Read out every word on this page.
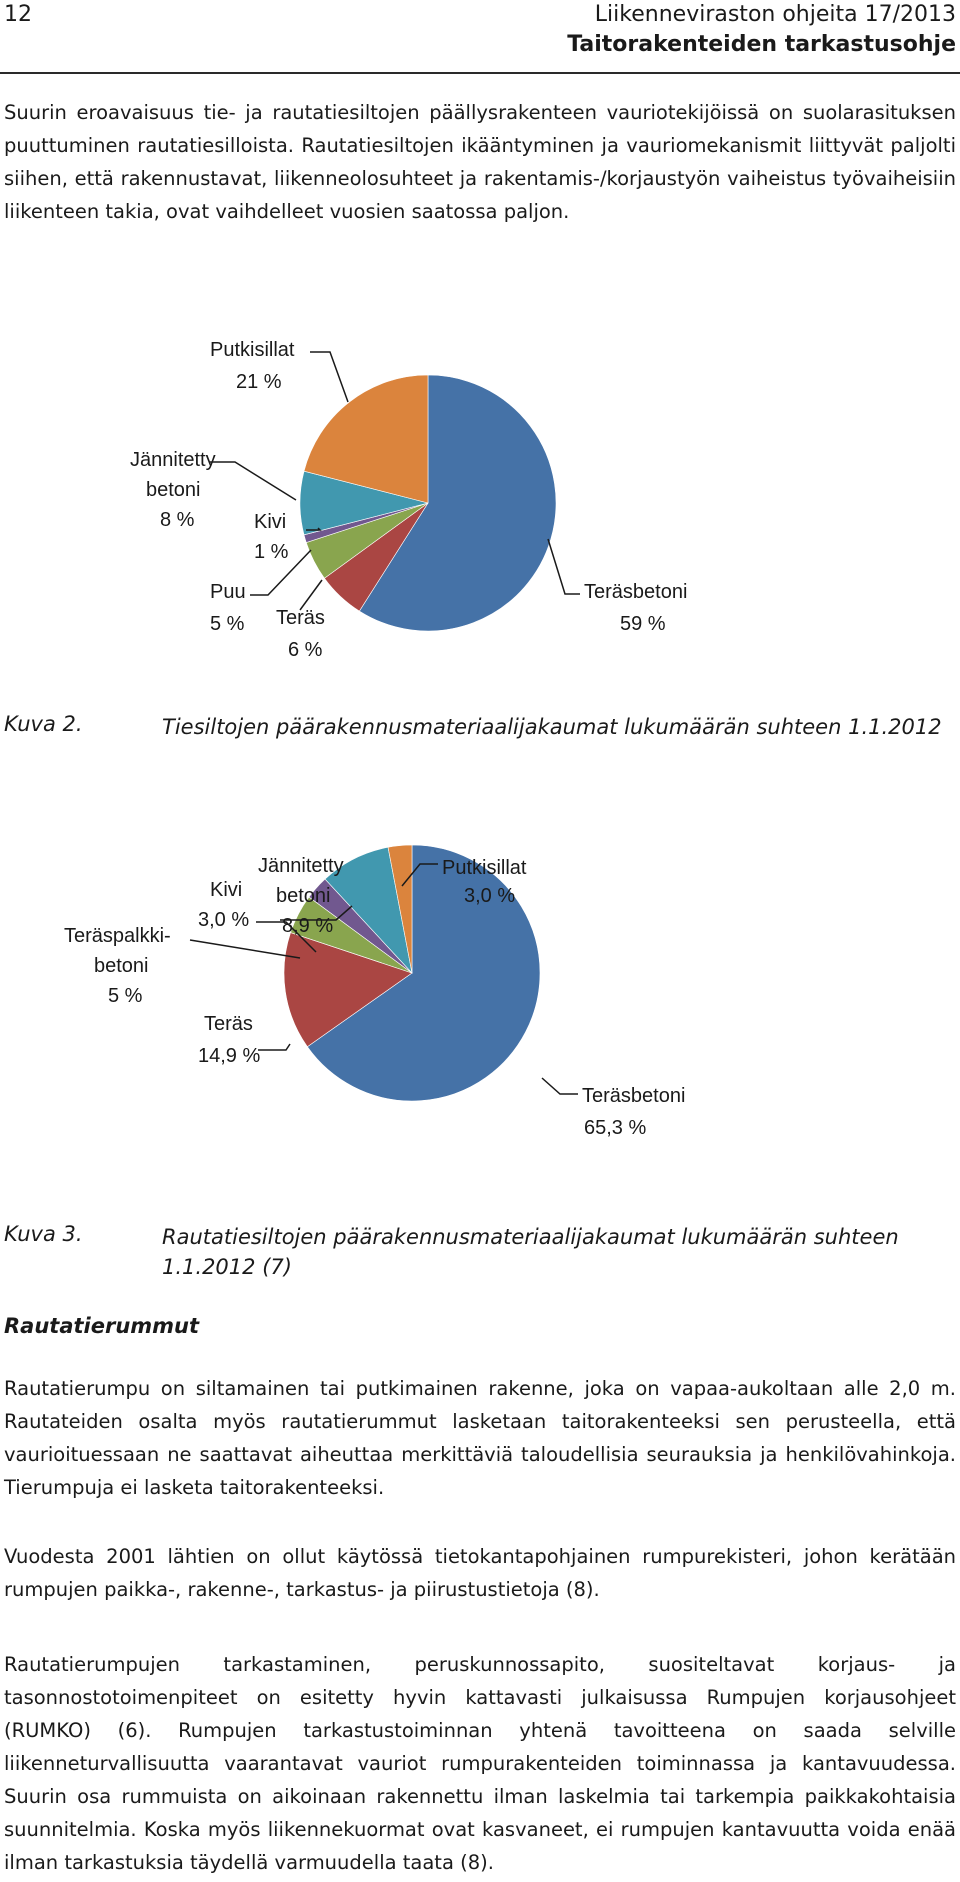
12	Liikenneviraston ohjeita 17/2013
Taitorakenteiden tarkastusohje

Suurin eroavaisuus tie- ja rautatiesiltojen päällysrakenteen vauriotekijöissä on suolarasituksen puuttuminen rautatiesilloista. Rautatiesiltojen ikääntyminen ja vauriomekanismit liittyvät paljolti siihen, että rakennustavat, liikenneolosuhteet ja rakentamis-/korjaustyön vaiheistus työvaiheisiin liikenteen takia, ovat vaihdelleet vuosien saatossa paljon.

Putkisillat
21 %
Jännitetty
betoni
8 %	Kivi
1 %
Puu
5 % Teräs
6 %
Teräsbetoni
59 %
Kuva 2.	Tiesiltojen päärakennusmateriaalijakaumat lukumäärän suhteen 1.1.2012
Jännitetty
betoni
8,9 %
Putkisillat
3,0 %
Kivi
3,0 %
Teräspalkki-
betoni
5 %
Teräs
14,9 %
Teräsbetoni
65,3 %
Kuva 3.	Rautatiesiltojen päärakennusmateriaalijakaumat lukumäärän suhteen 1.1.2012 (7)
Rautatierummut

Rautatierumpu on siltamainen tai putkimainen rakenne, joka on vapaa-aukoltaan alle 2,0 m. Rautateiden osalta myös rautatierummut lasketaan taitorakenteeksi sen perusteella, että vaurioituessaan ne saattavat aiheuttaa merkittäviä taloudellisia seurauksia ja henkilövahinkoja. Tierumpuja ei lasketa taitorakenteeksi.

Vuodesta 2001 lähtien on ollut käytössä tietokantapohjainen rumpurekisteri, johon kerätään rumpujen paikka-, rakenne-, tarkastus- ja piirustustietoja (8).

Rautatierumpujen tarkastaminen, peruskunnossapito, suositeltavat korjaus- ja tasonnostotoimenpiteet on esitetty hyvin kattavasti julkaisussa Rumpujen korjausohjeet (RUMKO) (6). Rumpujen tarkastustoiminnan yhtenä tavoitteena on saada selville liikenneturvallisuutta vaarantavat vauriot rumpurakenteiden toiminnassa ja kantavuudessa. Suurin osa rummuista on aikoinaan rakennettu ilman laskelmia tai tarkempia paikkakohtaisia suunnitelmia. Koska myös liikennekuormat ovat kasvaneet, ei rumpujen kantavuutta voida enää ilman tarkastuksia täydellä varmuudella taata (8).
